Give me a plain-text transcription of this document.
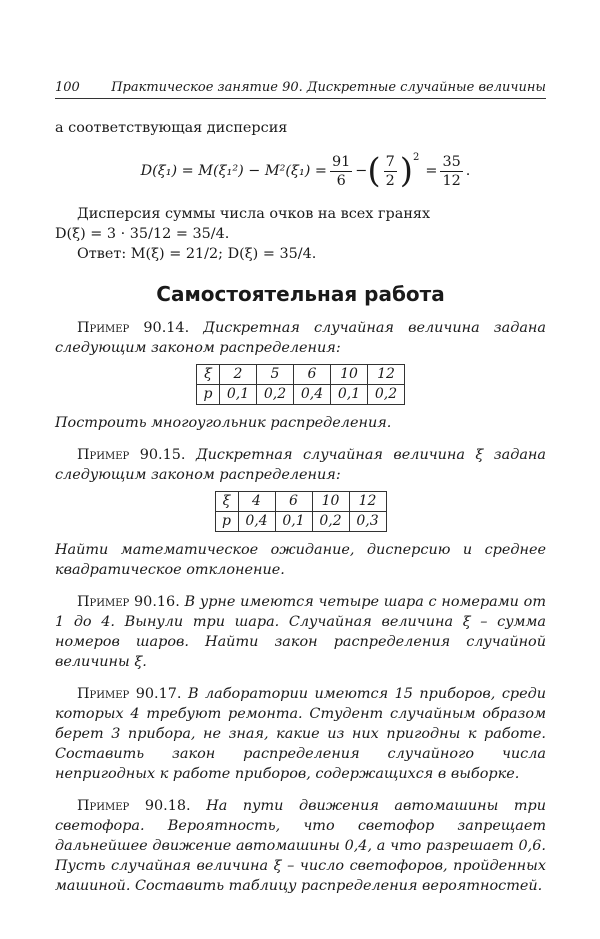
100 Практическое занятие 90. Дискретные случайные величины

а соответствующая дисперсия

$D(\xi_1) = M(\xi_1^2) - M^2(\xi_1) = \frac{91}{6}$ − ( $\frac{7}{2} )^2$
= $\frac{35}{12}$ .

Дисперсия суммы числа очков на всех гранях

D(ξ) = 3 · 35/12 = 35/4.

Ответ: M(ξ) = 21/2; D(ξ) = 35/4.

Самостоятельная работа

Пример 90.14. Дискретная случайная величина задана следующим законом распределения:

ξ	2	5	6	10	12
p	0,1	0,2	0,4	0,1	0,2

Построить многоугольник распределения.

Пример 90.15. Дискретная случайная величина ξ задана следующим законом распределения:

ξ	4	6	10	12
p	0,4	0,1	0,2	0,3

Найти математическое ожидание, дисперсию и среднее квадратическое отклонение.

Пример 90.16. В урне имеются четыре шара с номерами от 1 до 4. Вынули три шара. Случайная величина ξ – сумма номеров шаров. Найти закон распределения случайной величины ξ.

Пример 90.17. В лаборатории имеются 15 приборов, среди которых 4 требуют ремонта. Студент случайным образом берет 3 прибора, не зная, какие из них пригодны к работе. Составить закон распределения случайного числа непригодных к работе приборов, содержащихся в выборке.

Пример 90.18. На пути движения автомашины три светофора. Вероятность, что светофор запрещает дальнейшее движение автомашины 0,4, а что разрешает 0,6. Пусть случайная величина ξ – число светофоров, пройденных машиной. Составить таблицу распределения вероятностей.
